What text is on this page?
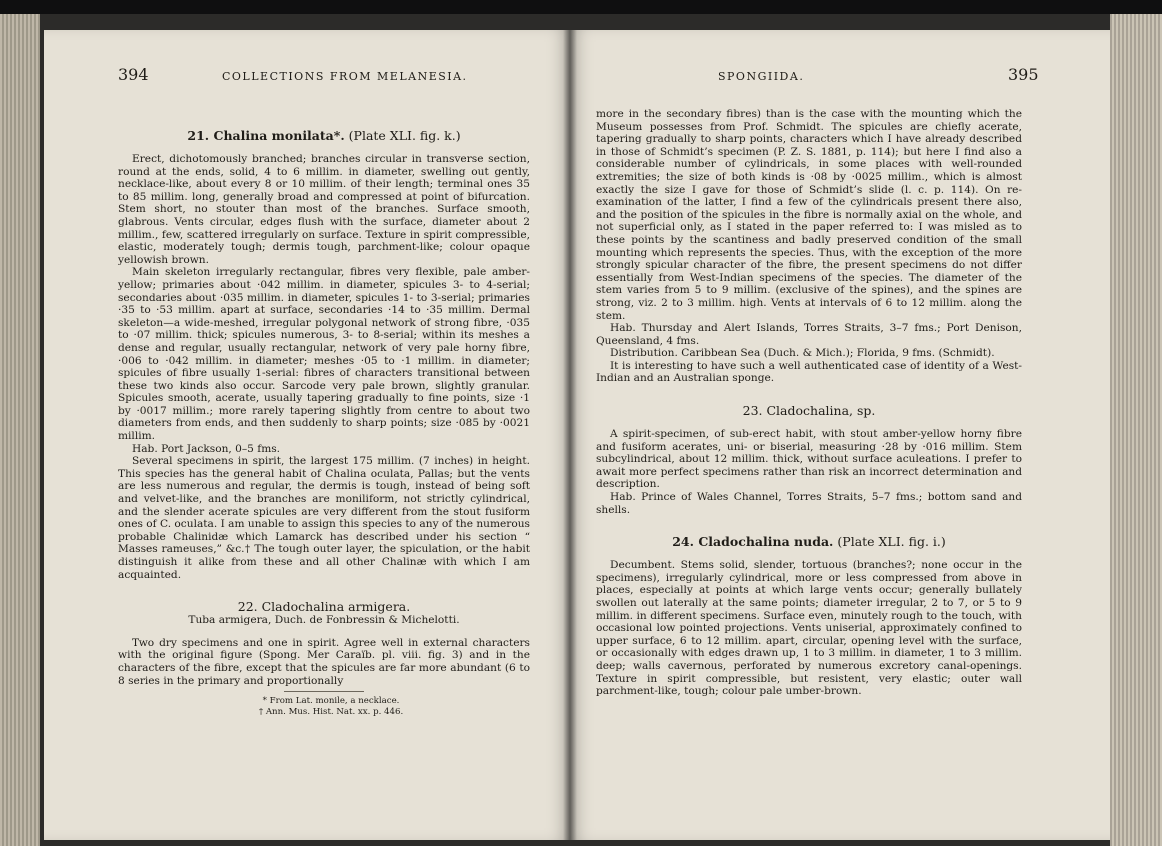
394	COLLECTIONS FROM MELANESIA.
21. Chalina monilata*. (Plate XLI. fig. k.)

Erect, dichotomously branched; branches circular in transverse section, round at the ends, solid, 4 to 6 millim. in diameter, swelling out gently, necklace-like, about every 8 or 10 millim. of their length; terminal ones 35 to 85 millim. long, generally broad and compressed at point of bifurcation. Stem short, no stouter than most of the branches. Surface smooth, glabrous. Vents circular, edges flush with the surface, diameter about 2 millim., few, scattered irregularly on surface. Texture in spirit compressible, elastic, moderately tough; dermis tough, parchment-like; colour opaque yellowish brown.

Main skeleton irregularly rectangular, fibres very flexible, pale amber-yellow; primaries about ·042 millim. in diameter, spicules 3- to 4-serial; secondaries about ·035 millim. in diameter, spicules 1- to 3-serial; primaries ·35 to ·53 millim. apart at surface, secondaries ·14 to ·35 millim. Dermal skeleton—a wide-meshed, irregular polygonal network of strong fibre, ·035 to ·07 millim. thick; spicules numerous, 3- to 8-serial; within its meshes a dense and regular, usually rectangular, network of very pale horny fibre, ·006 to ·042 millim. in diameter; meshes ·05 to ·1 millim. in diameter; spicules of fibre usually 1-serial: fibres of characters transitional between these two kinds also occur. Sarcode very pale brown, slightly granular. Spicules smooth, acerate, usually tapering gradually to fine points, size ·1 by ·0017 millim.; more rarely tapering slightly from centre to about two diameters from ends, and then suddenly to sharp points; size ·085 by ·0021 millim.

Hab. Port Jackson, 0–5 fms.

Several specimens in spirit, the largest 175 millim. (7 inches) in height. This species has the general habit of Chalina oculata, Pallas; but the vents are less numerous and regular, the dermis is tough, instead of being soft and velvet-like, and the branches are moniliform, not strictly cylindrical, and the slender acerate spicules are very different from the stout fusiform ones of C. oculata. I am unable to assign this species to any of the numerous probable Chalinidæ which Lamarck has described under his section “ Masses rameuses,” &c.† The tough outer layer, the spiculation, or the habit distinguish it alike from these and all other Chalinæ with which I am acquainted.

22. Cladochalina armigera.

Tuba armigera, Duch. de Fonbressin & Michelotti.

Two dry specimens and one in spirit. Agree well in external characters with the original figure (Spong. Mer Caraïb. pl. viii. fig. 3) and in the characters of the fibre, except that the spicules are far more abundant (6 to 8 series in the primary and proportionally

* From Lat. monile, a necklace.

† Ann. Mus. Hist. Nat. xx. p. 446.

SPONGIIDA.	395

more in the secondary fibres) than is the case with the mounting which the Museum possesses from Prof. Schmidt. The spicules are chiefly acerate, tapering gradually to sharp points, characters which I have already described in those of Schmidt’s specimen (P. Z. S. 1881, p. 114); but here I find also a considerable number of cylindricals, in some places with well-rounded extremities; the size of both kinds is ·08 by ·0025 millim., which is almost exactly the size I gave for those of Schmidt’s slide (l. c. p. 114). On re-examination of the latter, I find a few of the cylindricals present there also, and the position of the spicules in the fibre is normally axial on the whole, and not superficial only, as I stated in the paper referred to: I was misled as to these points by the scantiness and badly preserved condition of the small mounting which represents the species. Thus, with the exception of the more strongly spicular character of the fibre, the present specimens do not differ essentially from West-Indian specimens of the species. The diameter of the stem varies from 5 to 9 millim. (exclusive of the spines), and the spines are strong, viz. 2 to 3 millim. high. Vents at intervals of 6 to 12 millim. along the stem.

Hab. Thursday and Alert Islands, Torres Straits, 3–7 fms.; Port Denison, Queensland, 4 fms.

Distribution. Caribbean Sea (Duch. & Mich.); Florida, 9 fms. (Schmidt).

It is interesting to have such a well authenticated case of identity of a West-Indian and an Australian sponge.

23. Cladochalina, sp.

A spirit-specimen, of sub-erect habit, with stout amber-yellow horny fibre and fusiform acerates, uni- or biserial, measuring ·28 by ·016 millim. Stem subcylindrical, about 12 millim. thick, without surface aculeations. I prefer to await more perfect specimens rather than risk an incorrect determination and description.

Hab. Prince of Wales Channel, Torres Straits, 5–7 fms.; bottom sand and shells.

24. Cladochalina nuda. (Plate XLI. fig. i.)

Decumbent. Stems solid, slender, tortuous (branches?; none occur in the specimens), irregularly cylindrical, more or less compressed from above in places, especially at points at which large vents occur; generally bullately swollen out laterally at the same points; diameter irregular, 2 to 7, or 5 to 9 millim. in different specimens. Surface even, minutely rough to the touch, with occasional low pointed projections. Vents uniserial, approximately confined to upper surface, 6 to 12 millim. apart, circular, opening level with the surface, or occasionally with edges drawn up, 1 to 3 millim. in diameter, 1 to 3 millim. deep; walls cavernous, perforated by numerous excretory canal-openings. Texture in spirit compressible, but resistent, very elastic; outer wall parchment-like, tough; colour pale umber-brown.
